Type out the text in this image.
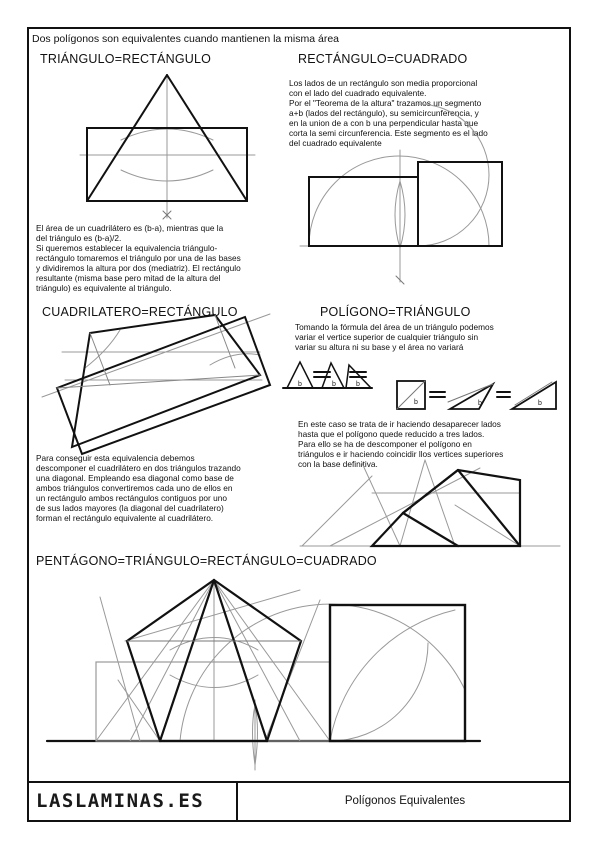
Dos polígonos son equivalentes cuando mantienen la misma área
TRIÁNGULO=RECTÁNGULO	RECTÁNGULO=CUADRADO
CUADRILATERO=RECTÁNGULO	POLÍGONO=TRIÁNGULO
PENTÁGONO=TRIÁNGULO=RECTÁNGULO=CUADRADO
El área de un cuadrilátero es (b-a), mientras que la
del triángulo es (b-a)/2.
Si queremos establecer la equivalencia triángulo-
rectángulo tomaremos el triángulo por una de las bases
y dividiremos la altura por dos (mediatriz). El rectángulo
resultante (misma base pero mitad de la altura del
triángulo) es equivalente al triángulo.
Los lados de un rectángulo son media proporcional
con el lado del cuadrado equivalente.
Por el "Teorema de la altura" trazamos un segmento
a+b (lados del rectángulo), su semicircunferencia, y
en la union de a con b una perpendicular hasta que
corta la semi circunferencia. Este segmento es el lado
del cuadrado equivalente
Para conseguir esta equivalencia debemos
descomponer el cuadrilátero en dos triángulos trazando
una diagonal. Empleando esa diagonal como base de
ambos triángulos convertiremos cada uno de ellos en
un rectángulo ambos rectángulos contiguos por uno
de sus lados mayores (la diagonal del cuadrilatero)
forman el rectángulo equivalente al cuadrilátero.
Tomando la fórmula del área de un triángulo podemos
variar el vertice superior de cualquier triángulo sin
variar su altura ni su base y el área no variará
En este caso se trata de ir haciendo desaparecer lados
hasta que el polígono quede reducido a tres lados.
Para ello se ha de descomponer el polígono en
triángulos e ir haciendo coincidir llos vertices superiores
con la base definitiva.
b	b	b
b	b	b
LASLAMINAS.ES	Polígonos Equivalentes
